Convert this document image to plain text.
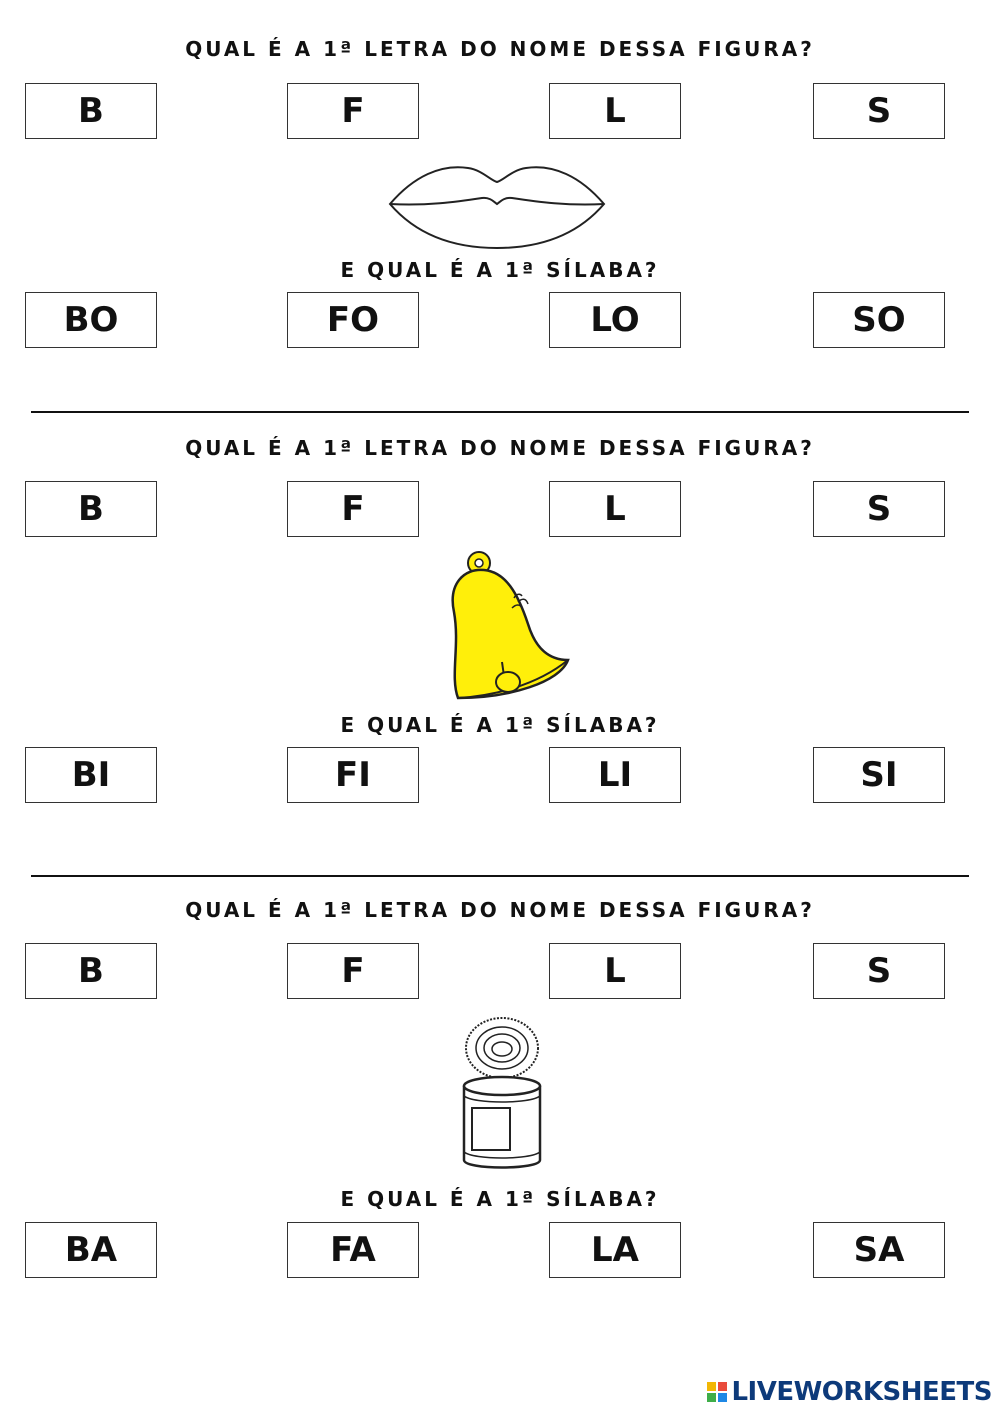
QUAL É A 1ª LETRA DO NOME DESSA FIGURA?
B	F	L	S
E QUAL É A 1ª SÍLABA?
BO	FO	LO	SO
QUAL É A 1ª LETRA DO NOME DESSA FIGURA?
B	F	L	S
E QUAL É A 1ª SÍLABA?
BI	FI	LI	SI
QUAL É A 1ª LETRA DO NOME DESSA FIGURA?
B	F	L	S
E QUAL É A 1ª SÍLABA?
BA	FA	LA	SA
LIVEWORKSHEETS
